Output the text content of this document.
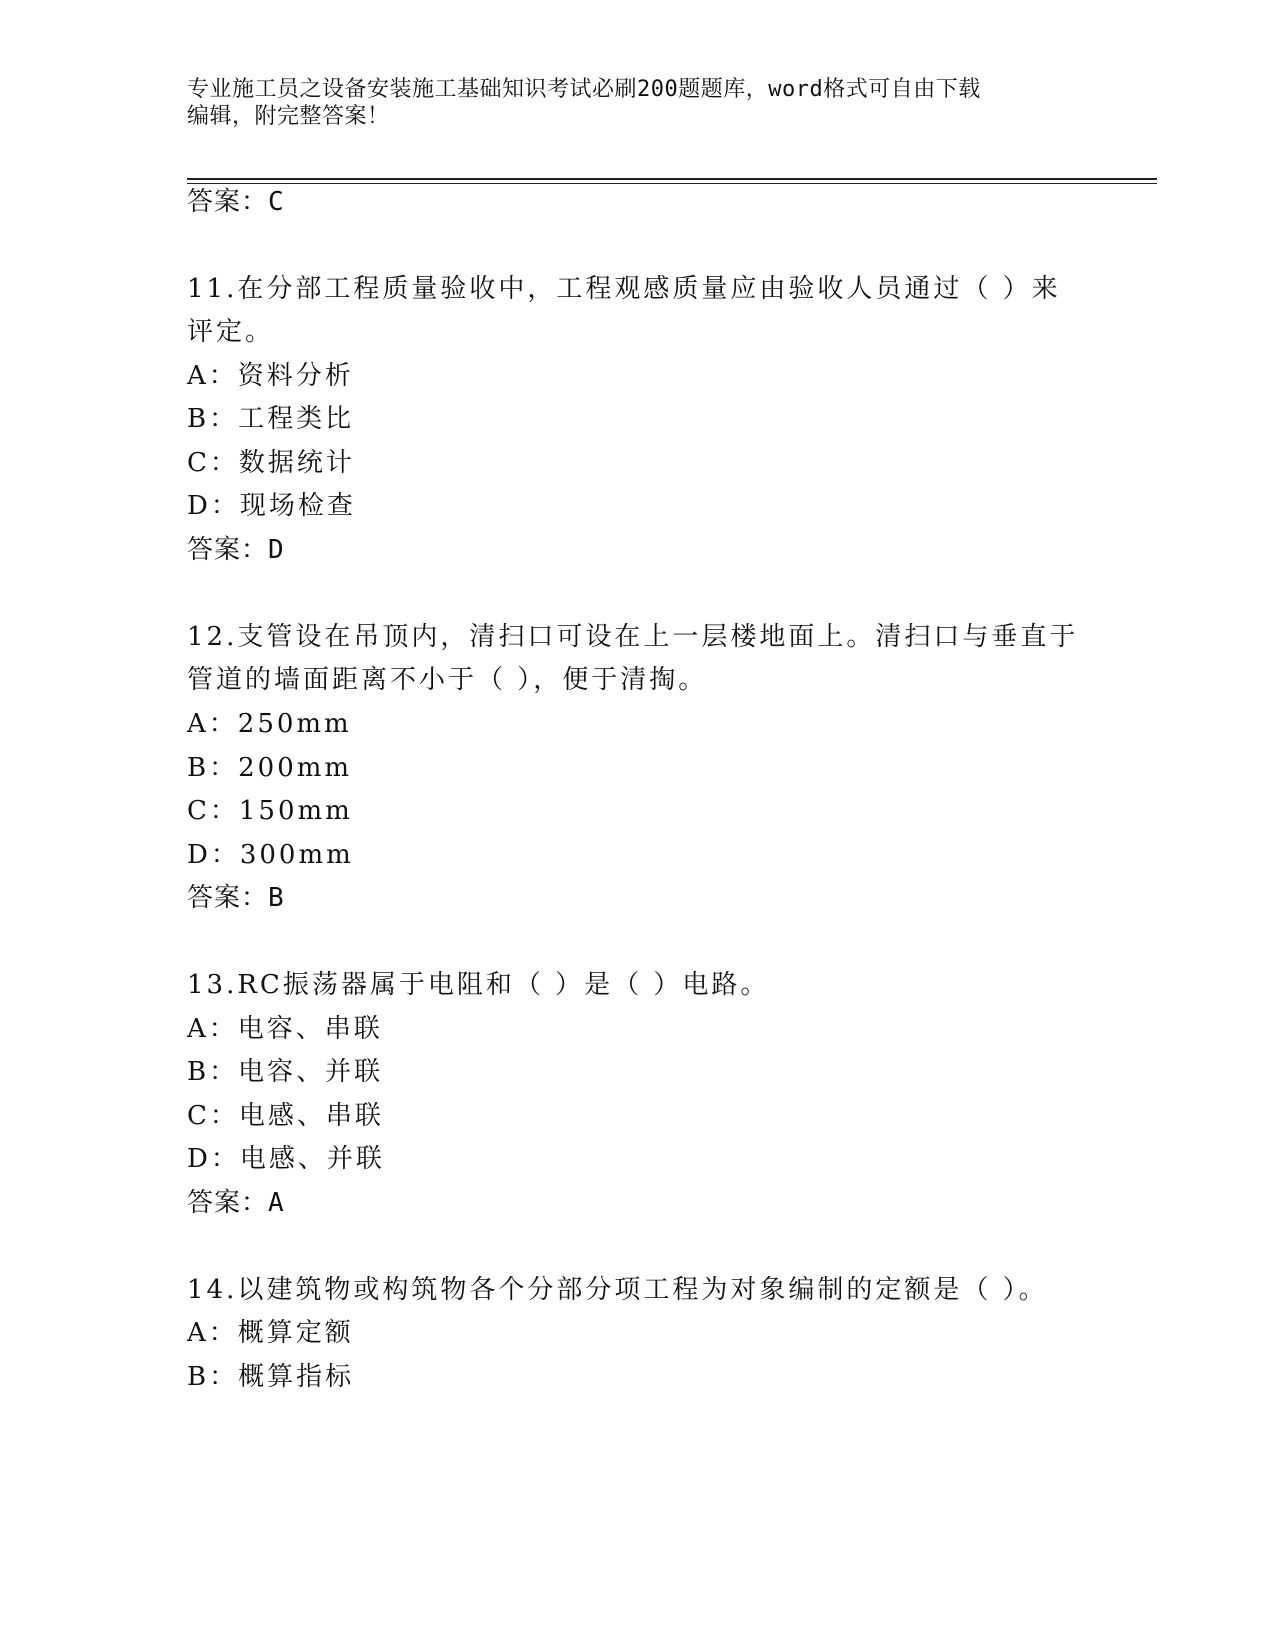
专业施工员之设备安装施工基础知识考试必刷200题题库，word格式可自由下载
编辑，附完整答案！
答案：C
11.在分部工程质量验收中，工程观感质量应由验收人员通过（ ）来
评定。
A：资料分析
B：工程类比
C：数据统计
D：现场检查
答案：D
12.支管设在吊顶内，清扫口可设在上一层楼地面上。清扫口与垂直于
管道的墙面距离不小于（ ），便于清掏。
A：250mm
B：200mm
C：150mm
D：300mm
答案：B
13.RC振荡器属于电阻和（ ）是（ ）电路。
A：电容、串联
B：电容、并联
C：电感、串联
D：电感、并联
答案：A
14.以建筑物或构筑物各个分部分项工程为对象编制的定额是（ ）。
A：概算定额
B：概算指标
